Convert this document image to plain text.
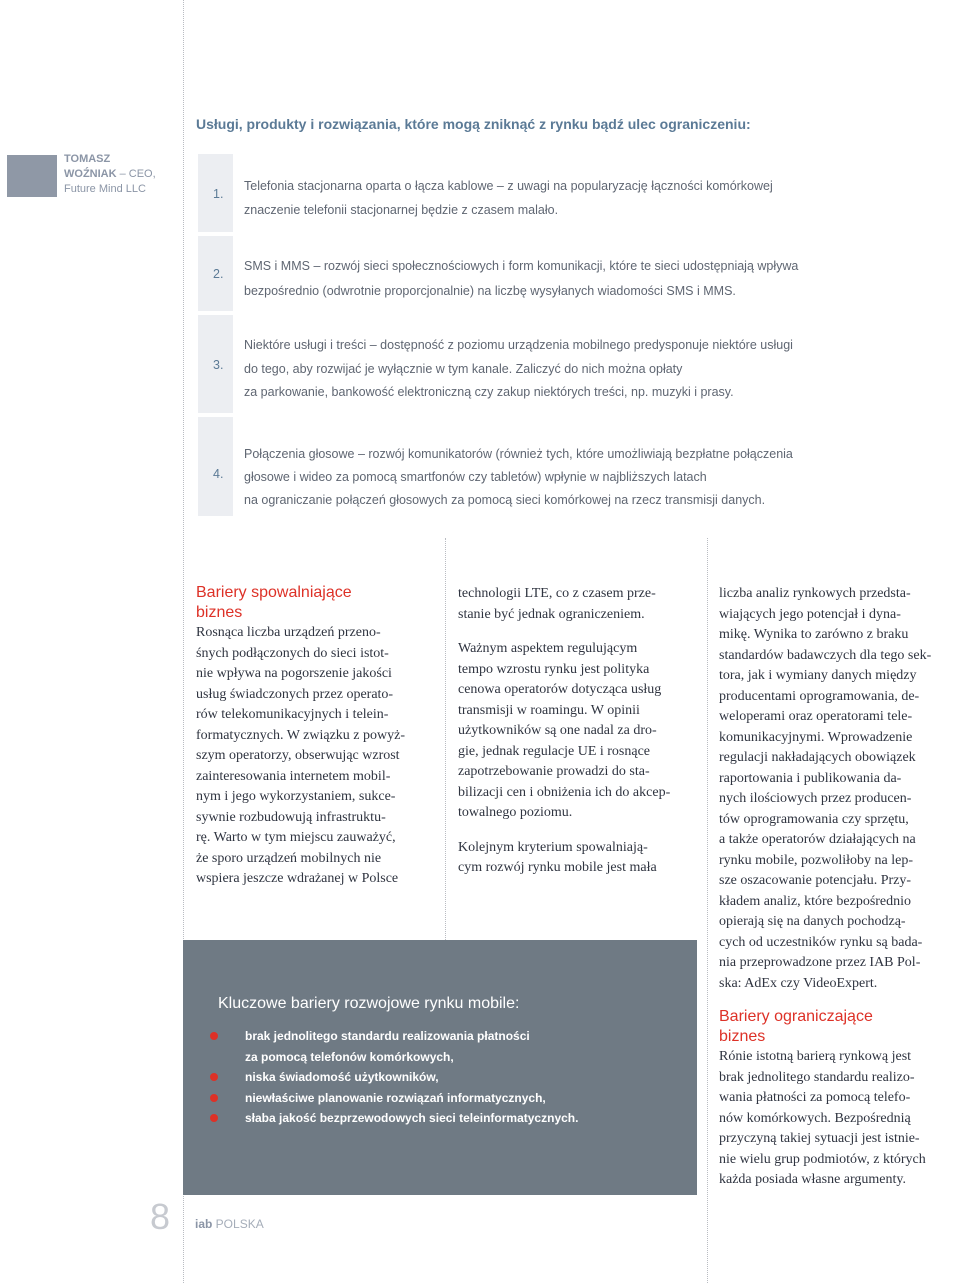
Usługi, produkty i rozwiązania, które mogą zniknąć z rynku bądź ulec ograniczeniu:
TOMASZ
WOŹNIAK – CEO,
Future Mind LLC	1.

Telefonia stacjonarna oparta o łącza kablowe – z uwagi na popularyzację łączności komórkowej

znaczenie telefonii stacjonarnej będzie z czasem malało.

2.

SMS i MMS – rozwój sieci społecznościowych i form komunikacji, które te sieci udostępniają wpływa

bezpośrednio (odwrotnie proporcjonalnie) na liczbę wysyłanych wiadomości SMS i MMS.

3.

Niektóre usługi i treści – dostępność z poziomu urządzenia mobilnego predysponuje niektóre usługi

do tego, aby rozwijać je wyłącznie w tym kanale. Zaliczyć do nich można opłaty

za parkowanie, bankowość elektroniczną czy zakup niektórych treści, np. muzyki i prasy.

4.

Połączenia głosowe – rozwój komunikatorów (również tych, które umożliwiają bezpłatne połączenia

głosowe i wideo za pomocą smartfonów czy tabletów) wpłynie w najbliższych latach

na ograniczanie połączeń głosowych za pomocą sieci komórkowej na rzecz transmisji danych.

Bariery spowalniające

biznes

Rosnąca liczba urządzeń przeno-

śnych podłączonych do sieci istot-

nie wpływa na pogorszenie jakości

usług świadczonych przez operato-

rów telekomunikacyjnych i telein-

formatycznych. W związku z powyż-

szym operatorzy, obserwując wzrost

zainteresowania internetem mobil-

nym i jego wykorzystaniem, sukce-

sywnie rozbudowują infrastruktu-

rę. Warto w tym miejscu zauważyć,

że sporo urządzeń mobilnych nie

wspiera jeszcze wdrażanej w Polsce

technologii LTE, co z czasem prze-

stanie być jednak ograniczeniem.

Ważnym aspektem regulującym

tempo wzrostu rynku jest polityka

cenowa operatorów dotycząca usług

transmisji w roamingu. W opinii

użytkowników są one nadal za dro-

gie, jednak regulacje UE i rosnące

zapotrzebowanie prowadzi do sta-

bilizacji cen i obniżenia ich do akcep-

towalnego poziomu.

Kolejnym kryterium spowalniają-

cym rozwój rynku mobile jest mała

liczba analiz rynkowych przedsta-

wiających jego potencjał i dyna-

mikę. Wynika to zarówno z braku

standardów badawczych dla tego sek-

tora, jak i wymiany danych między

producentami oprogramowania, de-

weloperami oraz operatorami tele-

komunikacyjnymi. Wprowadzenie

regulacji nakładających obowiązek

raportowania i publikowania da-

nych ilościowych przez producen-

tów oprogramowania czy sprzętu,

a także operatorów działających na

rynku mobile, pozwoliłoby na lep-

sze oszacowanie potencjału. Przy-

kładem analiz, które bezpośrednio

opierają się na danych pochodzą-

cych od uczestników rynku są bada-

nia przeprowadzone przez IAB Pol-

ska: AdEx czy VideoExpert.

Bariery ograniczające

biznes

Rónie istotną barierą rynkową jest

brak jednolitego standardu realizo-

wania płatności za pomocą telefo-

nów komórkowych. Bezpośrednią

przyczyną takiej sytuacji jest istnie-

nie wielu grup podmiotów, z których

każda posiada własne argumenty.

Kluczowe bariery rozwojowe rynku mobile:
brak jednolitego standardu realizowania płatności
za pomocą telefonów komórkowych,
niska świadomość użytkowników,
niewłaściwe planowanie rozwiązań informatycznych,
słaba jakość bezprzewodowych sieci teleinformatycznych.
8 iab POLSKA
